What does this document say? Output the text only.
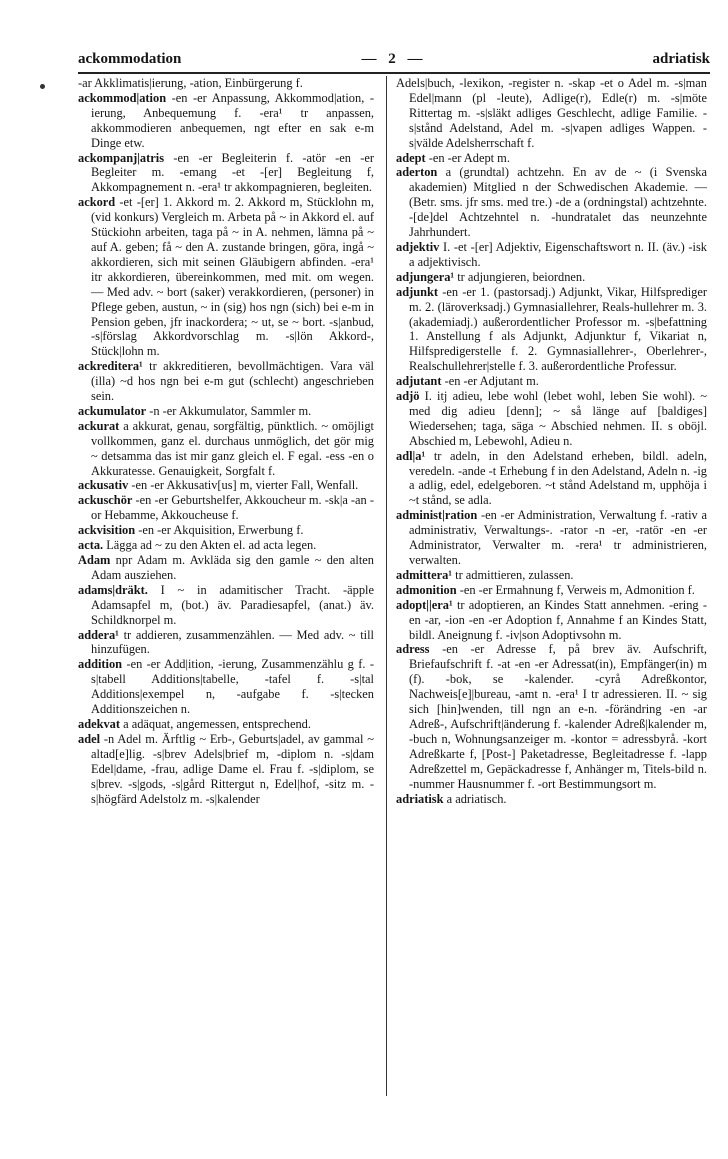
ackommodation	— 2 —	adriatisk
-ar Akklimatis|ierung, -ation, Einbürgerung f.
ackommod|ation -en -er Anpassung, Akkommod|ation, -ierung, Anbequemung f. -era¹ tr anpassen, akkommodieren anbequemen, ngt efter en sak e-m Dinge etw.
ackompanj|atris -en -er Begleiterin f. -atör -en -er Begleiter m. -emang -et -[er] Begleitung f, Akkompagnement n. -era¹ tr akkompagnieren, begleiten.
ackord -et -[er] 1. Akkord m. 2. Akkord m, Stücklohn m, (vid konkurs) Vergleich m. Arbeta på ~ in Akkord el. auf Stückiohn arbeiten, taga på ~ in A. nehmen, lämna på ~ auf A. geben; få ~ den A. zustande bringen, göra, ingå ~ akkordieren, sich mit seinen Gläubigern abfinden. -era¹ itr akkordieren, übereinkommen, med mit. om wegen. — Med adv. ~ bort (saker) verakkordieren, (personer) in Pflege geben, austun, ~ in (sig) hos ngn (sich) bei e-m in Pension geben, jfr inackordera; ~ ut, se ~ bort. -s|anbud, -s|förslag Akkordvorschlag m. -s|lön Akkord-, Stück|lohn m.
ackreditera¹ tr akkreditieren, bevollmächtigen. Vara väl (illa) ~d hos ngn bei e-m gut (schlecht) angeschrieben sein.
ackumulator -n -er Akkumulator, Sammler m.
ackurat a akkurat, genau, sorgfältig, pünktlich. ~ omöjligt vollkommen, ganz el. durchaus unmöglich, det gör mig ~ detsamma das ist mir ganz gleich el. F egal. -ess -en o Akkuratesse. Genauigkeit, Sorgfalt f.
ackusativ -en -er Akkusativ[us] m, vierter Fall, Wenfall.
ackuschör -en -er Geburtshelfer, Akkoucheur m. -sk|a -an -or Hebamme, Akkoucheuse f.
ackvisition -en -er Akquisition, Erwerbung f.
acta. Lägga ad ~ zu den Akten el. ad acta legen.
Adam npr Adam m. Avkläda sig den gamle ~ den alten Adam ausziehen.
adams|dräkt. I ~ in adamitischer Tracht. -äpple Adamsapfel m, (bot.) äv. Paradiesapfel, (anat.) äv. Schildknorpel m.
addera¹ tr addieren, zusammenzählen. — Med adv. ~ till hinzufügen.
addition -en -er Add|ition, -ierung, Zusammenzählu g f. -s|tabell Additions|tabelle, -tafel f. -s|tal Additions|exempel n, -aufgabe f. -s|tecken Additionszeichen n.
adekvat a adäquat, angemessen, entsprechend.
adel -n Adel m. Ärftlig ~ Erb-, Geburts|adel, av gammal ~ altad[e]lig. -s|brev Adels|brief m, -diplom n. -s|dam Edel|dame, -frau, adlige Dame el. Frau f. -s|diplom, se s|brev. -s|gods, -s|gård Rittergut n, Edel|hof, -sitz m. -s|högfärd Adelstolz m. -s|kalender
Adels|buch, -lexikon, -register n. -skap -et o Adel m. -s|man Edel|mann (pl -leute), Adlige(r), Edle(r) m. -s|möte Rittertag m. -s|släkt adliges Geschlecht, adlige Familie. -s|stånd Adelstand, Adel m. -s|vapen adliges Wappen. -s|välde Adelsherrschaft f.
adept -en -er Adept m.
aderton a (grundtal) achtzehn. En av de ~ (i Svenska akademien) Mitglied n der Schwedischen Akademie. — (Betr. sms. jfr sms. med tre.) -de a (ordningstal) achtzehnte. -[de]del Achtzehntel n. -hundratalet das neunzehnte Jahrhundert.
adjektiv I. -et -[er] Adjektiv, Eigenschaftswort n. II. (äv.) -isk a adjektivisch.
adjungera¹ tr adjungieren, beiordnen.
adjunkt -en -er 1. (pastorsadj.) Adjunkt, Vikar, Hilfsprediger m. 2. (läroverksadj.) Gymnasiallehrer, Reals-hullehrer m. 3. (akademiadj.) außerordentlicher Professor m. -s|befattning 1. Anstellung f als Adjunkt, Adjunktur f, Vikariat n, Hilfspredigerstelle f. 2. Gymnasiallehrer-, Oberlehrer-, Realschullehrer|stelle f. 3. außerordentliche Professur.
adjutant -en -er Adjutant m.
adjö I. itj adieu, lebe wohl (lebet wohl, leben Sie wohl). ~ med dig adieu [denn]; ~ så länge auf [baldiges] Wiedersehen; taga, säga ~ Abschied nehmen. II. s oböjl. Abschied m, Lebewohl, Adieu n.
adl|a¹ tr adeln, in den Adelstand erheben, bildl. adeln, veredeln. -ande -t Erhebung f in den Adelstand, Adeln n. -ig a adlig, edel, edelgeboren. ~t stånd Adelstand m, upphöja i ~t stånd, se adla.
administ|ration -en -er Administration, Verwaltung f. -rativ a administrativ, Verwaltungs-. -rator -n -er, -ratör -en -er Administrator, Verwalter m. -rera¹ tr administrieren, verwalten.
admittera¹ tr admittieren, zulassen.
admonition -en -er Ermahnung f, Verweis m, Admonition f.
adopt||era¹ tr adoptieren, an Kindes Statt annehmen. -ering -en -ar, -ion -en -er Adoption f, Annahme f an Kindes Statt, bildl. Aneignung f. -iv|son Adoptivsohn m.
adress -en -er Adresse f, på brev äv. Aufschrift, Briefaufschrift f. -at -en -er Adressat(in), Empfänger(in) m (f). -bok, se -kalender. -cyrå Adreßkontor, Nachweis[e]|bureau, -amt n. -era¹ I tr adressieren. II. ~ sig sich [hin]wenden, till ngn an e-n. -förändring -en -ar Adreß-, Aufschrift|änderung f. -kalender Adreß|kalender m, -buch n, Wohnungsanzeiger m. -kontor = adressbyrå. -kort Adreßkarte f, [Post-] Paketadresse, Begleitadresse f. -lapp Adreßzettel m, Gepäckadresse f, Anhänger m, Titels-bild n. -nummer Hausnummer f. -ort Bestimmungsort m.
adriatisk a adriatisch.
